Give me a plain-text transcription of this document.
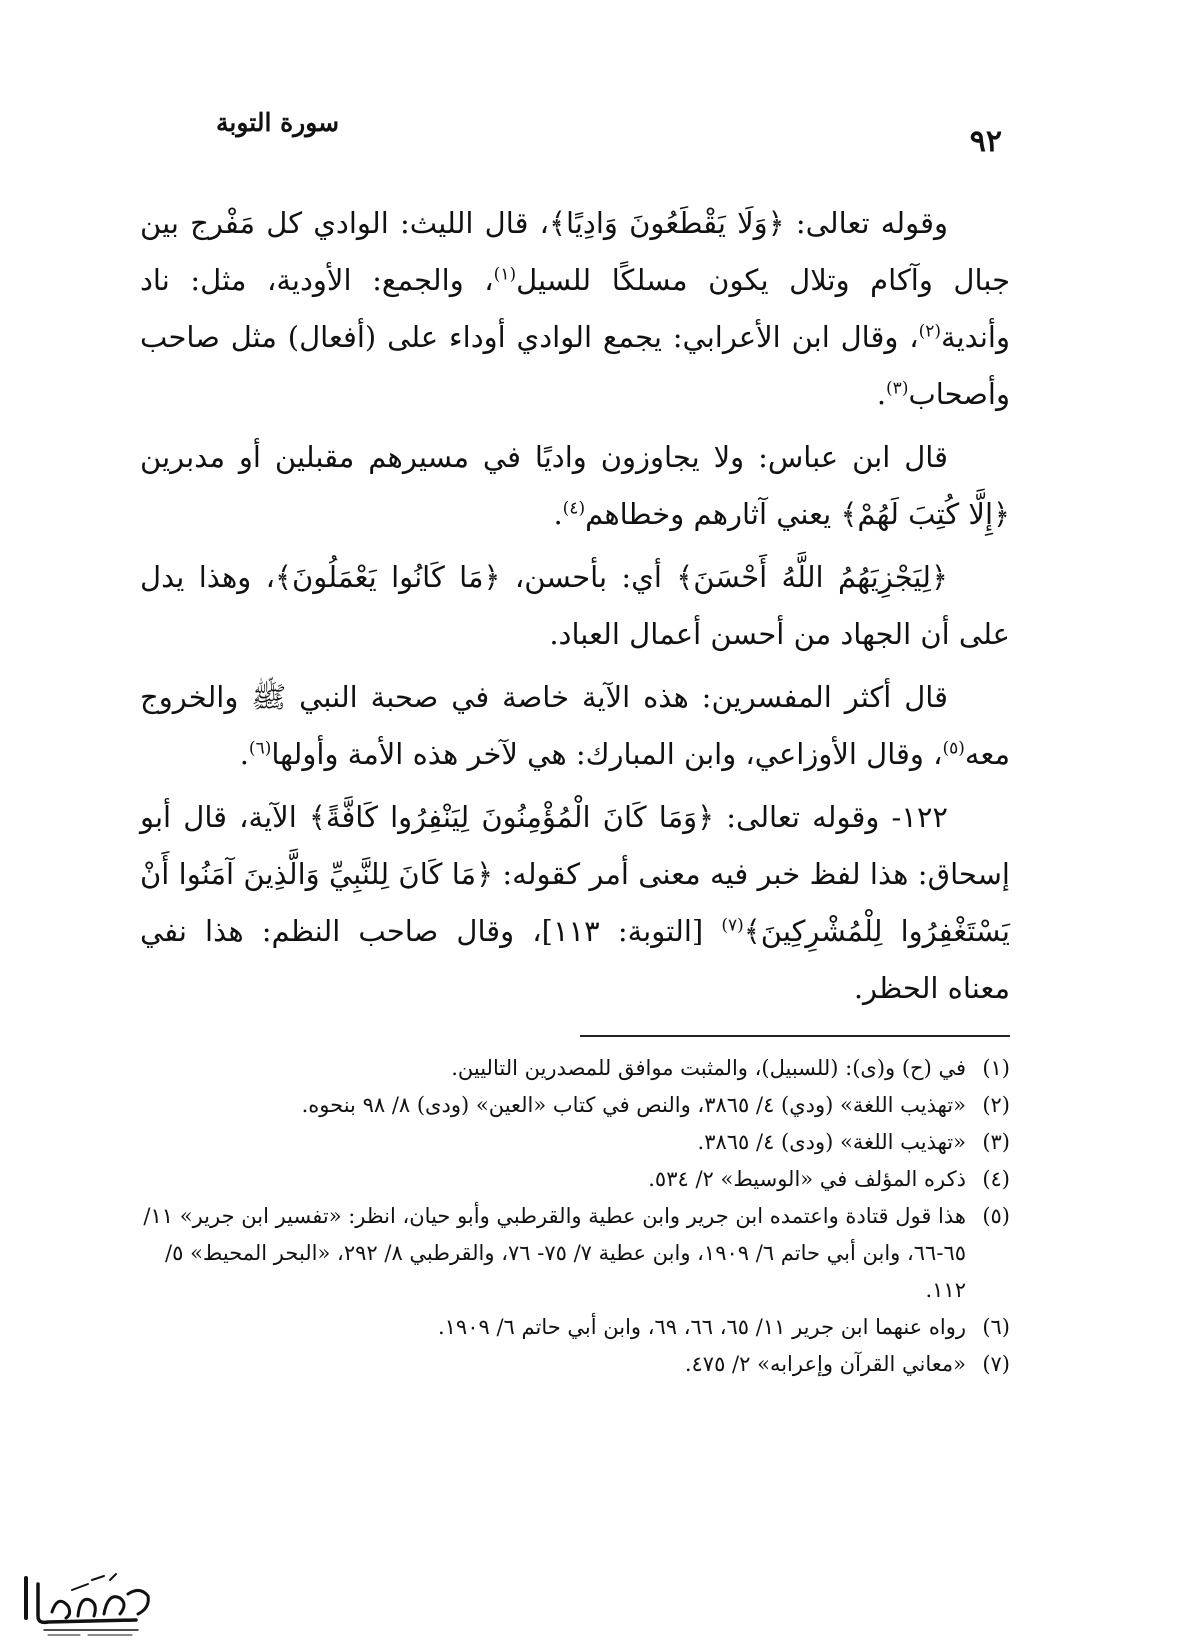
٩٢
سورة التوبة

وقوله تعالى: ﴿وَلَا يَقْطَعُونَ وَادِيًا﴾، قال الليث: الوادي كل مَفْرج بين جبال وآكام وتلال يكون مسلكًا للسيل$^{(١)}$، والجمع: الأودية، مثل: ناد وأندية$^{(٢)}$، وقال ابن الأعرابي: يجمع الوادي أوداء على (أفعال) مثل صاحب وأصحاب$^{(٣)}$.

قال ابن عباس: ولا يجاوزون واديًا في مسيرهم مقبلين أو مدبرين ﴿إِلَّا كُتِبَ لَهُمْ﴾ يعني آثارهم وخطاهم$^{(٤)}$.

﴿لِيَجْزِيَهُمُ اللَّهُ أَحْسَنَ﴾ أي: بأحسن، ﴿مَا كَانُوا يَعْمَلُونَ﴾، وهذا يدل على أن الجهاد من أحسن أعمال العباد.

قال أكثر المفسرين: هذه الآية خاصة في صحبة النبي ﷺ والخروج معه$^{(٥)}$، وقال الأوزاعي، وابن المبارك: هي لآخر هذه الأمة وأولها$^{(٦)}$.

١٢٢- وقوله تعالى: ﴿وَمَا كَانَ الْمُؤْمِنُونَ لِيَنْفِرُوا كَافَّةً﴾ الآية، قال أبو إسحاق: هذا لفظ خبر فيه معنى أمر كقوله: ﴿مَا كَانَ لِلنَّبِيِّ وَالَّذِينَ آمَنُوا أَنْ يَسْتَغْفِرُوا لِلْمُشْرِكِينَ﴾$^{(٧)}$ [التوبة: ١١٣]، وقال صاحب النظم: هذا نفي معناه الحظر.

(١)
في (ح) و(ى): (للسبيل)، والمثبت موافق للمصدرين التاليين.
(٢)
«تهذيب اللغة» (ودي) ٤/ ٣٨٦٥، والنص في كتاب «العين» (ودى) ٨/ ٩٨ بنحوه.
(٣)
«تهذيب اللغة» (ودى) ٤/ ٣٨٦٥.
(٤)
ذكره المؤلف في «الوسيط» ٢/ ٥٣٤.
(٥)
هذا قول قتادة واعتمده ابن جرير وابن عطية والقرطبي وأبو حيان، انظر: «تفسير ابن جرير» ١١/ ٦٥-٦٦، وابن أبي حاتم ٦/ ١٩٠٩، وابن عطية ٧/ ٧٥- ٧٦، والقرطبي ٨/ ٢٩٢، «البحر المحيط» ٥/ ١١٢.
(٦)
رواه عنهما ابن جرير ١١/ ٦٥، ٦٦، ٦٩، وابن أبي حاتم ٦/ ١٩٠٩.
(٧)
«معاني القرآن وإعرابه» ٢/ ٤٧٥.
